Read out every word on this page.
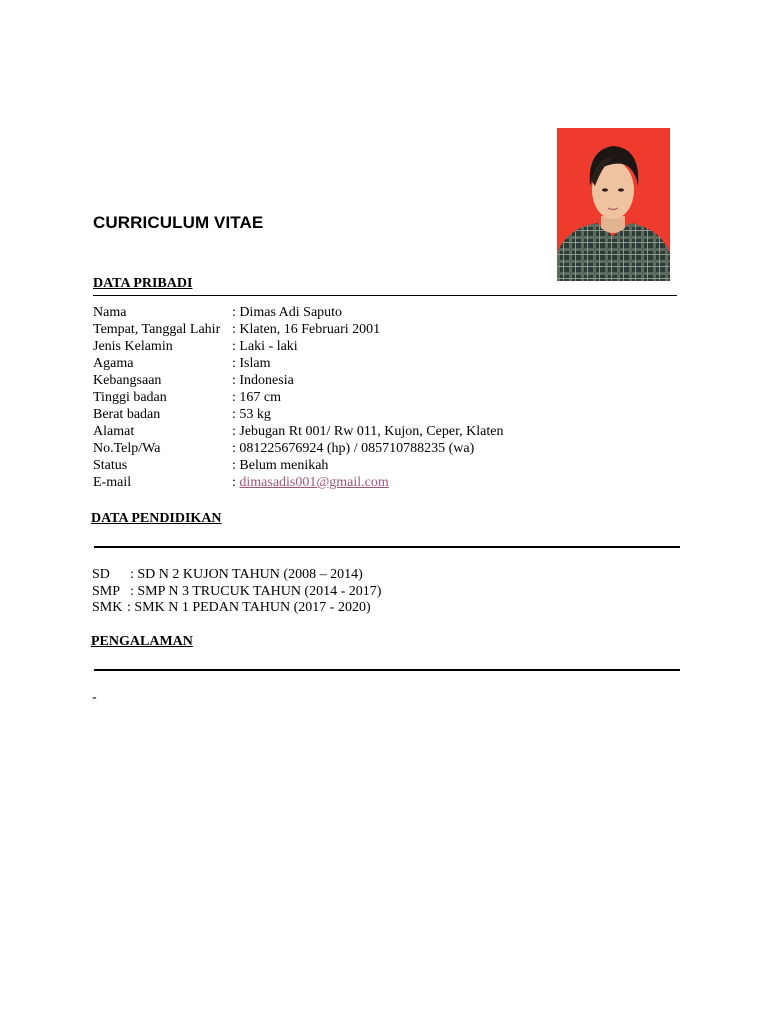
CURRICULUM VITAE
DATA PRIBADI
Nama	: Dimas Adi Saputo
Tempat, Tanggal Lahir : Klaten, 16 Februari 2001
Jenis Kelamin	: Laki - laki
Agama	: Islam
Kebangsaan	: Indonesia
Tinggi badan	: 167 cm
Berat badan	: 53 kg
Alamat	: Jebugan Rt 001/ Rw 011, Kujon, Ceper, Klaten
No.Telp/Wa	: 081225676924 (hp) / 085710788235 (wa)
Status	: Belum menikah
E-mail	: dimasadis001@gmail.com
DATA PENDIDIKAN
SD : SD N 2 KUJON TAHUN (2008 – 2014)
SMP : SMP N 3 TRUCUK TAHUN (2014 - 2017)
SMK : SMK N 1 PEDAN TAHUN (2017 - 2020)
PENGALAMAN
-
